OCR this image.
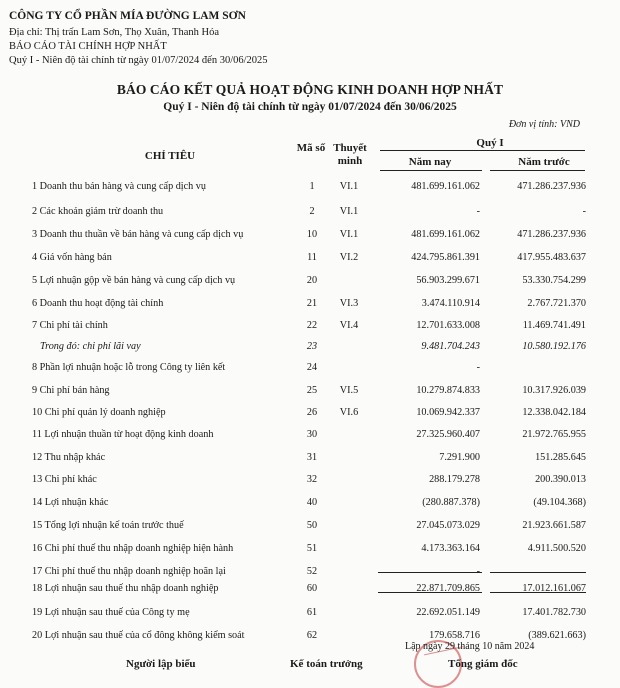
CÔNG TY CỔ PHẦN MÍA ĐƯỜNG LAM SƠN
Địa chỉ: Thị trấn Lam Sơn, Thọ Xuân, Thanh Hóa
BÁO CÁO TÀI CHÍNH HỢP NHẤT
Quý I - Niên độ tài chính từ ngày 01/07/2024 đến 30/06/2025
BÁO CÁO KẾT QUẢ HOẠT ĐỘNG KINH DOANH HỢP NHẤT
Quý I - Niên độ tài chính từ ngày 01/07/2024 đến 30/06/2025
Đơn vị tính: VND
CHỈ TIÊU
Mã số Thuyết minh
Quý I
Năm nay	Năm trước
1 Doanh thu bán hàng và cung cấp dịch vụ	1	VI.1	481.699.161.062	471.286.237.936
2 Các khoản giảm trừ doanh thu	2	VI.1	-	-
3 Doanh thu thuần về bán hàng và cung cấp dịch vụ	10	VI.1	481.699.161.062	471.286.237.936
4 Giá vốn hàng bán	11	VI.2	424.795.861.391	417.955.483.637
5 Lợi nhuận gộp về bán hàng và cung cấp dịch vụ	20	56.903.299.671	53.330.754.299
6 Doanh thu hoạt động tài chính	21	VI.3	3.474.110.914	2.767.721.370
7 Chi phí tài chính	22	VI.4	12.701.633.008	11.469.741.491
Trong đó: chi phí lãi vay	23	9.481.704.243	10.580.192.176
8 Phần lợi nhuận hoặc lỗ trong Công ty liên kết	24	-
9 Chi phí bán hàng	25	VI.5	10.279.874.833	10.317.926.039
10 Chi phí quản lý doanh nghiệp	26	VI.6	10.069.942.337	12.338.042.184
11 Lợi nhuận thuần từ hoạt động kinh doanh	30	27.325.960.407	21.972.765.955
12 Thu nhập khác	31	7.291.900	151.285.645
13 Chi phí khác	32	288.179.278	200.390.013
14 Lợi nhuận khác	40	(280.887.378)	(49.104.368)
15 Tổng lợi nhuận kế toán trước thuế	50	27.045.073.029	21.923.661.587
16 Chi phí thuế thu nhập doanh nghiệp hiện hành	51	4.173.363.164	4.911.500.520
17 Chi phí thuế thu nhập doanh nghiệp hoãn lại	52	-
18 Lợi nhuận sau thuế thu nhập doanh nghiệp	60	22.871.709.865	17.012.161.067
19 Lợi nhuận sau thuế của Công ty mẹ	61	22.692.051.149	17.401.782.730
20 Lợi nhuận sau thuế của cổ đông không kiểm soát	62	179.658.716	(389.621.663)
Lập ngày 29 tháng 10 năm 2024
Người lập biểu	Kế toán trưởng	Tổng giám đốc
